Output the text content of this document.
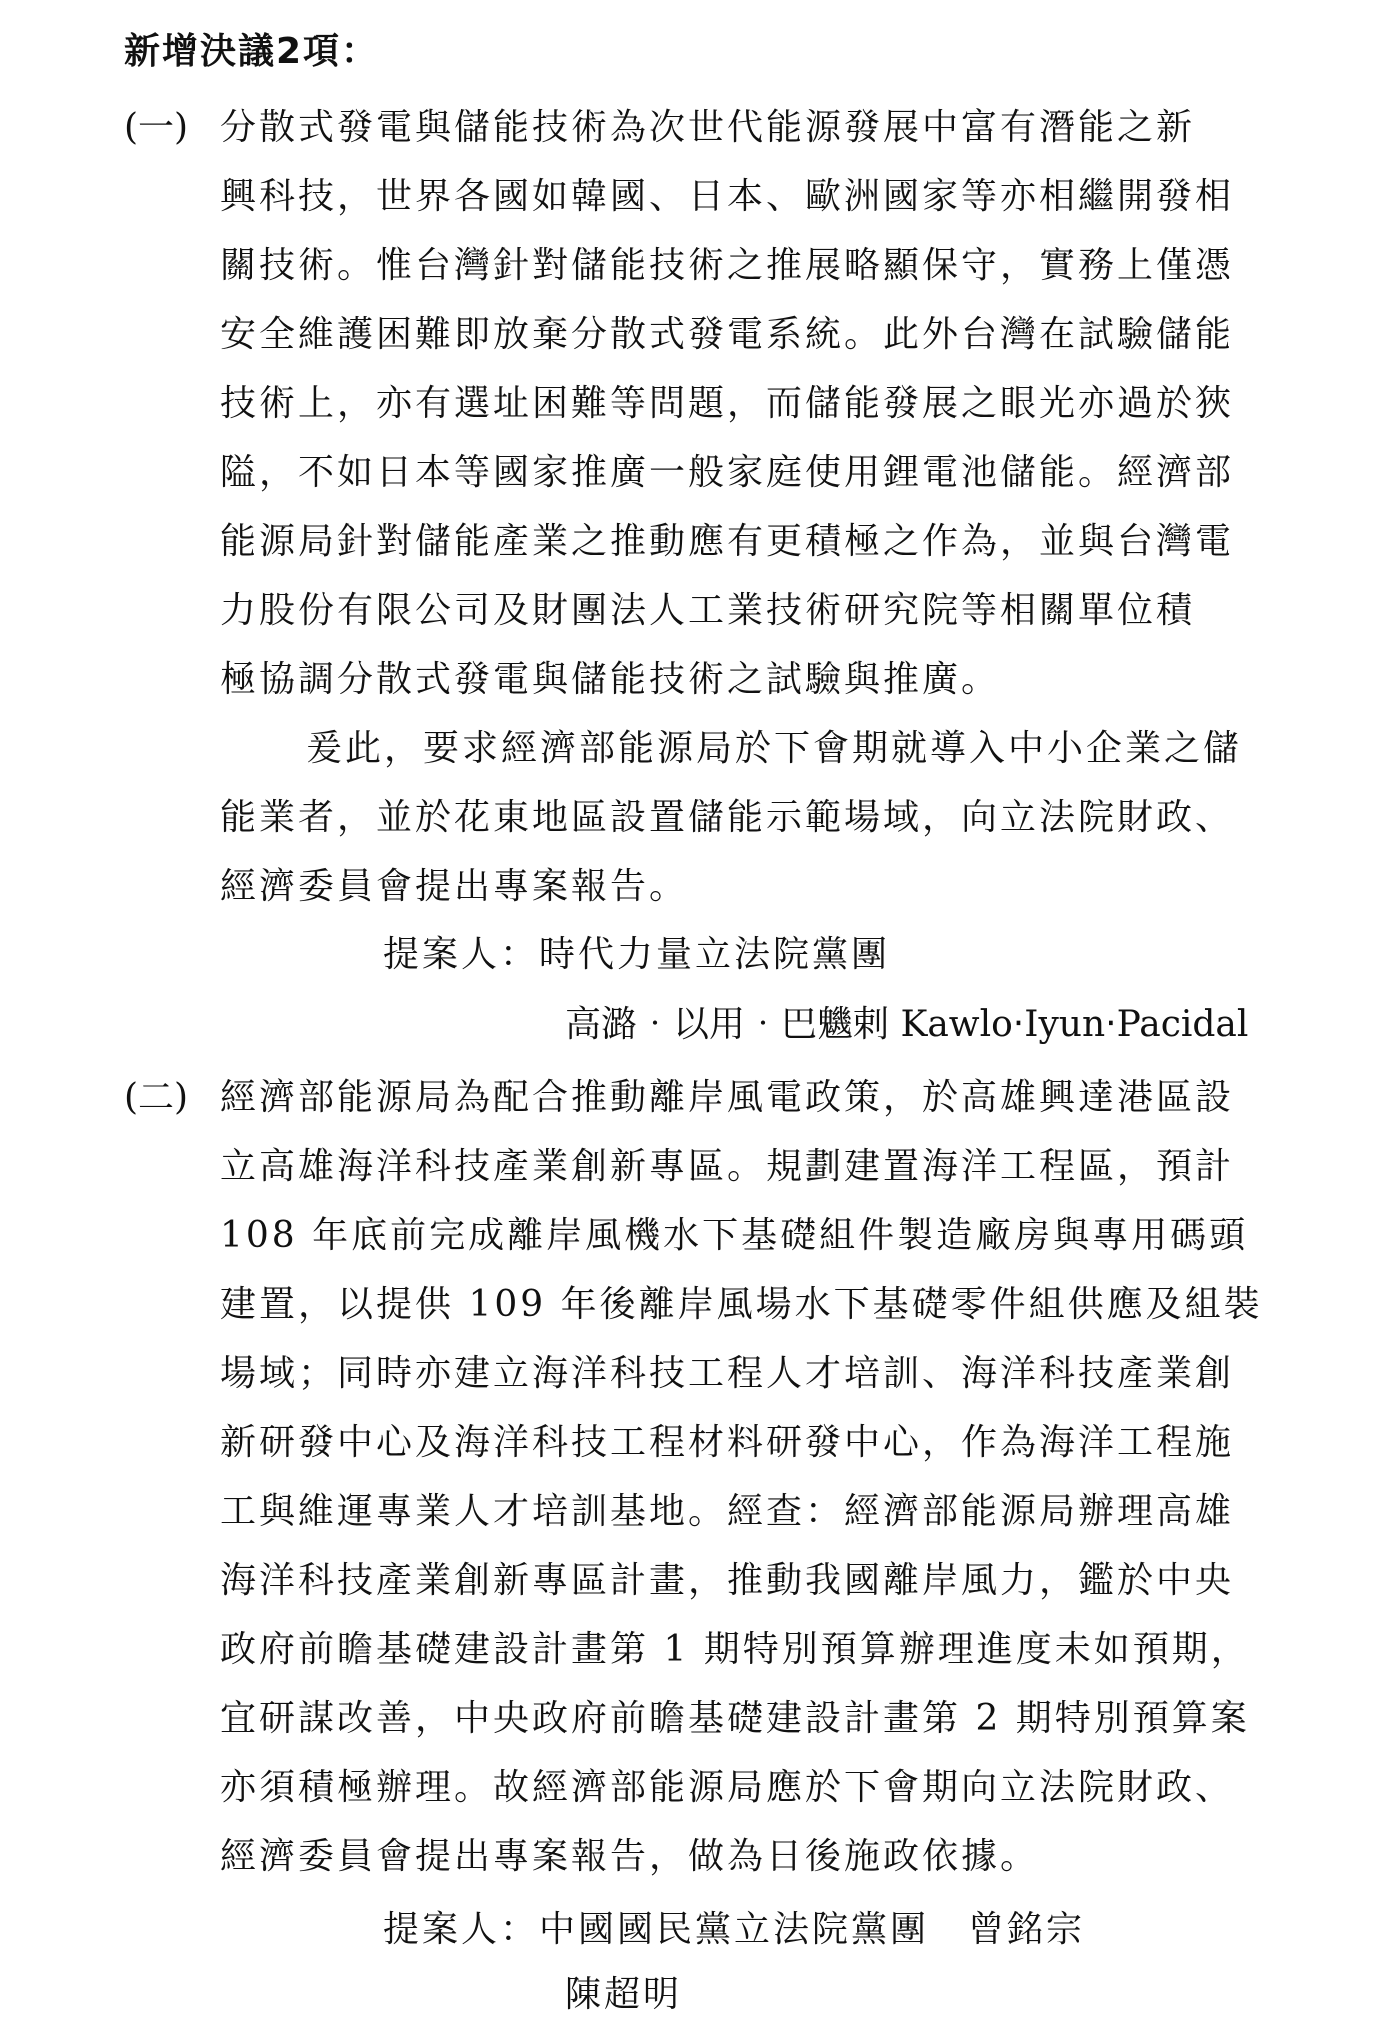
新增決議2項：
(一) 分散式發電與儲能技術為次世代能源發展中富有潛能之新
興科技，世界各國如韓國、日本、歐洲國家等亦相繼開發相
關技術。惟台灣針對儲能技術之推展略顯保守，實務上僅憑
安全維護困難即放棄分散式發電系統。此外台灣在試驗儲能
技術上，亦有選址困難等問題，而儲能發展之眼光亦過於狹
隘，不如日本等國家推廣一般家庭使用鋰電池儲能。經濟部
能源局針對儲能產業之推動應有更積極之作為，並與台灣電
力股份有限公司及財團法人工業技術研究院等相關單位積
極協調分散式發電與儲能技術之試驗與推廣。
爰此，要求經濟部能源局於下會期就導入中小企業之儲
能業者，並於花東地區設置儲能示範場域，向立法院財政、
經濟委員會提出專案報告。
提案人：時代力量立法院黨團
高潞‧以用‧巴魕剌 Kawlo‧Iyun‧Pacidal
(二) 經濟部能源局為配合推動離岸風電政策，於高雄興達港區設
立高雄海洋科技產業創新專區。規劃建置海洋工程區，預計
108 年底前完成離岸風機水下基礎組件製造廠房與專用碼頭
建置，以提供 109 年後離岸風場水下基礎零件組供應及組裝
場域；同時亦建立海洋科技工程人才培訓、海洋科技產業創
新研發中心及海洋科技工程材料研發中心，作為海洋工程施
工與維運專業人才培訓基地。經查：經濟部能源局辦理高雄
海洋科技產業創新專區計畫，推動我國離岸風力，鑑於中央
政府前瞻基礎建設計畫第 1 期特別預算辦理進度未如預期，
宜研謀改善，中央政府前瞻基礎建設計畫第 2 期特別預算案
亦須積極辦理。故經濟部能源局應於下會期向立法院財政、
經濟委員會提出專案報告，做為日後施政依據。
提案人：中國國民黨立法院黨團　曾銘宗
陳超明
